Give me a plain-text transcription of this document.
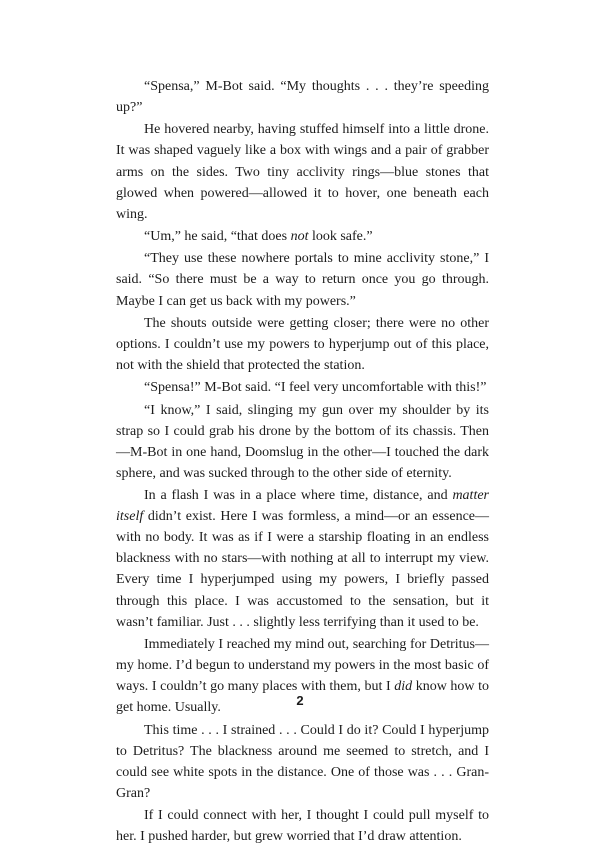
“Spensa,” M-Bot said. “My thoughts . . . they’re speeding up?”

He hovered nearby, having stuffed himself into a little drone. It was shaped vaguely like a box with wings and a pair of grabber arms on the sides. Two tiny acclivity rings—blue stones that glowed when powered—allowed it to hover, one beneath each wing.

“Um,” he said, “that does not look safe.”

“They use these nowhere portals to mine acclivity stone,” I said. “So there must be a way to return once you go through. Maybe I can get us back with my powers.”

The shouts outside were getting closer; there were no other options. I couldn’t use my powers to hyperjump out of this place, not with the shield that protected the station.

“Spensa!” M-Bot said. “I feel very uncomfortable with this!”

“I know,” I said, slinging my gun over my shoulder by its strap so I could grab his drone by the bottom of its chassis. Then—M-Bot in one hand, Doomslug in the other—I touched the dark sphere, and was sucked through to the other side of eternity.

In a flash I was in a place where time, distance, and matter itself didn’t exist. Here I was formless, a mind—or an essence—with no body. It was as if I were a starship floating in an endless blackness with no stars—with nothing at all to interrupt my view. Every time I hyperjumped using my powers, I briefly passed through this place. I was accustomed to the sensation, but it wasn’t familiar. Just . . . slightly less terrifying than it used to be.

Immediately I reached my mind out, searching for Detritus—my home. I’d begun to understand my powers in the most basic of ways. I couldn’t go many places with them, but I did know how to get home. Usually.

This time . . . I strained . . . Could I do it? Could I hyperjump to Detritus? The blackness around me seemed to stretch, and I could see white spots in the distance. One of those was . . . Gran-Gran?

If I could connect with her, I thought I could pull myself to her. I pushed harder, but grew worried that I’d draw attention.

2
